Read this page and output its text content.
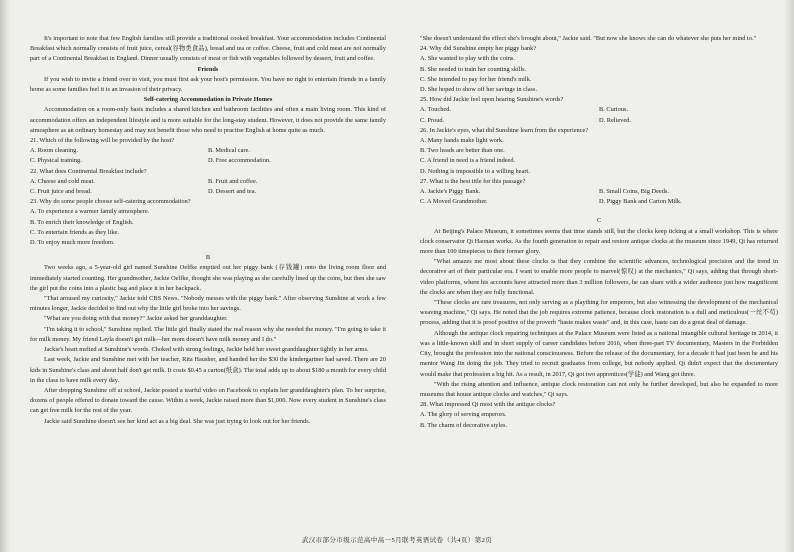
It's important to note that few English families still provide a traditional cooked breakfast. Your accommodation includes Continental Breakfast which normally consists of fruit juice, cereal(谷物类食品), bread and tea or coffee. Cheese, fruit and cold meat are not normally part of a Continental Breakfast in England. Dinner usually consists of meat or fish with vegetables followed by dessert, fruit and coffee.

Friends

If you wish to invite a friend over to visit, you must first ask your host's permission. You have no right to entertain friends in a family home as some families feel it is an invasion of their privacy.

Self-catering Accommodation in Private Homes

Accommodation on a room-only basis includes a shared kitchen and bathroom facilities and often a main living room. This kind of accommodation offers an independent lifestyle and is more suitable for the long-stay student. However, it does not provide the same family atmosphere as an ordinary homestay and may not benefit those who need to practise English at home quite as much.

21. Which of the following will be provided by the host?

A. Room cleaning.	B. Medical care.
C. Physical training.	D. Free accommodation.

22. What does Continental Breakfast include?

A. Cheese and cold meat.	B. Fruit and coffee.
C. Fruit juice and bread.	D. Dessert and tea.

23. Why do some people choose self-catering accommodation?

A. To experience a warmer family atmosphere.

B. To enrich their knowledge of English.

C. To entertain friends as they like.

D. To enjoy much more freedom.

B

Two weeks ago, a 5-year-old girl named Sunshine Oelfke emptied out her piggy bank (存钱罐) onto the living room floor and immediately started counting. Her grandmother, Jackie Oelfke, thought she was playing as she carefully lined up the coins, but then she saw the girl put the coins into a plastic bag and place it in her backpack.

"That aroused my curiosity," Jackie told CBS News. "Nobody messes with the piggy bank." After observing Sunshine at work a few minutes longer, Jackie decided to find out why the little girl broke into her savings.

"What are you doing with that money?" Jackie asked her granddaughter.

"I'm taking it to school," Sunshine replied. The little girl finally stated the real reason why she needed the money. "I'm going to take it for milk money. My friend Layla doesn't get milk—her mom doesn't have milk money and I do."

Jackie's heart melted at Sunshine's words. Choked with strong feelings, Jackie held her sweet granddaughter tightly in her arms.

Last week, Jackie and Sunshine met with her teacher, Rita Hausher, and handed her the $30 the kindergartner had saved. There are 20 kids in Sunshine's class and about half don't get milk. It costs $0.45 a carton(纸盒). The total adds up to about $180 a month for every child in the class to have milk every day.

After dropping Sunshine off at school, Jackie posted a tearful video on Facebook to explain her granddaughter's plan. To her surprise, dozens of people offered to donate toward the cause. Within a week, Jackie raised more than $1,000. Now every student in Sunshine's class can get free milk for the rest of the year.

Jackie said Sunshine doesn't see her kind act as a big deal. She was just trying to look out for her friends.

"She doesn't understand the effect she's brought about," Jackie said. "But now she knows she can do whatever she puts her mind to."

24. Why did Sunshine empty her piggy bank?

A. She wanted to play with the coins.

B. She needed to train her counting skills.

C. She intended to pay for her friend's milk.

D. She hoped to show off her savings in class.

25. How did Jackie feel upon hearing Sunshine's words?

A. Touched.	B. Curious.
C. Proud.	D. Relieved.

26. In Jackie's eyes, what did Sunshine learn from the experience?

A. Many hands make light work.

B. Two heads are better than one.

C. A friend in need is a friend indeed.

D. Nothing is impossible to a willing heart.

27. What is the best title for this passage?

A. Jackie's Piggy Bank.	B. Small Coins, Big Deeds.
C. A Moved Grandmother.	D. Piggy Bank and Carton Milk.

C

At Beijing's Palace Museum, it sometimes seems that time stands still, but the clocks keep ticking at a small workshop. This is where clock conservator Qi Haonan works. As the fourth generation to repair and restore antique clocks at the museum since 1949, Qi has returned more than 100 timepieces to their former glory.

"What amazes me most about these clocks is that they combine the scientific advances, technological precision and the trend in decorative art of their particular era. I want to enable more people to marvel(惊叹) at the mechanics," Qi says, adding that through short-video platforms, where his accounts have attracted more than 3 million followers, he can share with a wider audience just how magnificent the clocks are when they are fully functional.

"These clocks are rare treasures, not only serving as a plaything for emperors, but also witnessing the development of the mechanical weaving machine," Qi says. He noted that the job requires extreme patience, because clock restoration is a dull and meticulous(一丝不苟) process, adding that it is proof positive of the proverb "haste makes waste" and, in this case, haste can do a great deal of damage.

Although the antique clock repairing techniques at the Palace Museum were listed as a national intangible cultural heritage in 2014, it was a little-known skill and in short supply of career candidates before 2016, when three-part TV documentary, Masters in the Forbidden City, brought the profession into the national consciousness. Before the release of the documentary, for a decade it had just been he and his mentor Wang Jin doing the job. They tried to recruit graduates from college, but nobody applied. Qi didn't expect that the documentary would make that profession a big hit. As a result, in 2017, Qi got two apprentices(学徒) and Wang got three.

"With the rising attention and influence, antique clock restoration can not only be further developed, but also be expanded to more museums that house antique clocks and watches," Qi says.

28. What impressed Qi most with the antique clocks?

A. The glory of serving emperors.

B. The charm of decorative styles.

武汉市部分市级示范高中高一5月联考英语试卷（共4页）第2页
